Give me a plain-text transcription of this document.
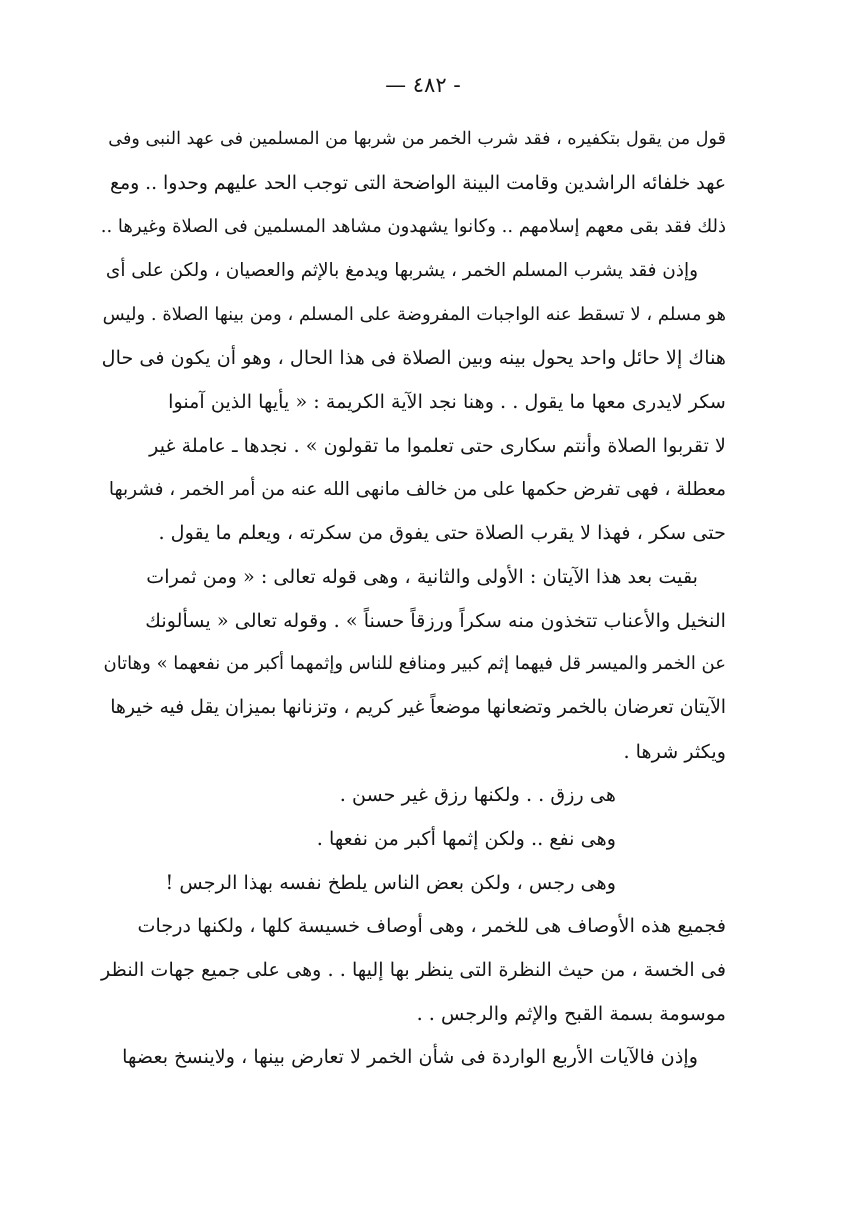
— ٤٨٢ -
قول من يقول بتكفيره ، فقد شرب الخمر من شربها من المسلمين فى عهد النبى وفى
عهد خلفائه الراشدين وقامت البينة الواضحة التى توجب الحد عليهم وحدوا .. ومع
ذلك فقد بقى معهم إسلامهم .. وكانوا يشهدون مشاهد المسلمين فى الصلاة وغيرها ..
وإذن فقد يشرب المسلم الخمر ، يشربها ويدمغ بالإثم والعصيان ، ولكن على أى
هو مسلم ، لا تسقط عنه الواجبات المفروضة على المسلم ، ومن بينها الصلاة . وليس
هناك إلا حائل واحد يحول بينه وبين الصلاة فى هذا الحال ، وهو أن يكون فى حال
سكر لايدرى معها ما يقول . . وهنا نجد الآية الكريمة : « يأيها الذين آمنوا
لا تقربوا الصلاة وأنتم سكارى حتى تعلموا ما تقولون » . نجدها ـ عاملة غير
معطلة ، فهى تفرض حكمها على من خالف مانهى الله عنه من أمر الخمر ، فشربها
حتى سكر ، فهذا لا يقرب الصلاة حتى يفوق من سكرته ، ويعلم ما يقول .
بقيت بعد هذا الآيتان : الأولى والثانية ، وهى قوله تعالى : « ومن ثمرات
النخيل والأعناب تتخذون منه سكراً ورزقاً حسناً » . وقوله تعالى « يسألونك
عن الخمر والميسر قل فيهما إثم كبير ومنافع للناس وإثمهما أكبر من نفعهما » وهاتان
الآيتان تعرضان بالخمر وتضعانها موضعاً غير كريم ، وتزنانها بميزان يقل فيه خيرها
ويكثر شرها .
هى رزق . . ولكنها رزق غير حسن .
وهى نفع .. ولكن إثمها أكبر من نفعها .
وهى رجس ، ولكن بعض الناس يلطخ نفسه بهذا الرجس !
فجميع هذه الأوصاف هى للخمر ، وهى أوصاف خسيسة كلها ، ولكنها درجات
فى الخسة ، من حيث النظرة التى ينظر بها إليها . . وهى على جميع جهات النظر
موسومة بسمة القبح والإثم والرجس . .
وإذن فالآيات الأربع الواردة فى شأن الخمر لا تعارض بينها ، ولاينسخ بعضها
